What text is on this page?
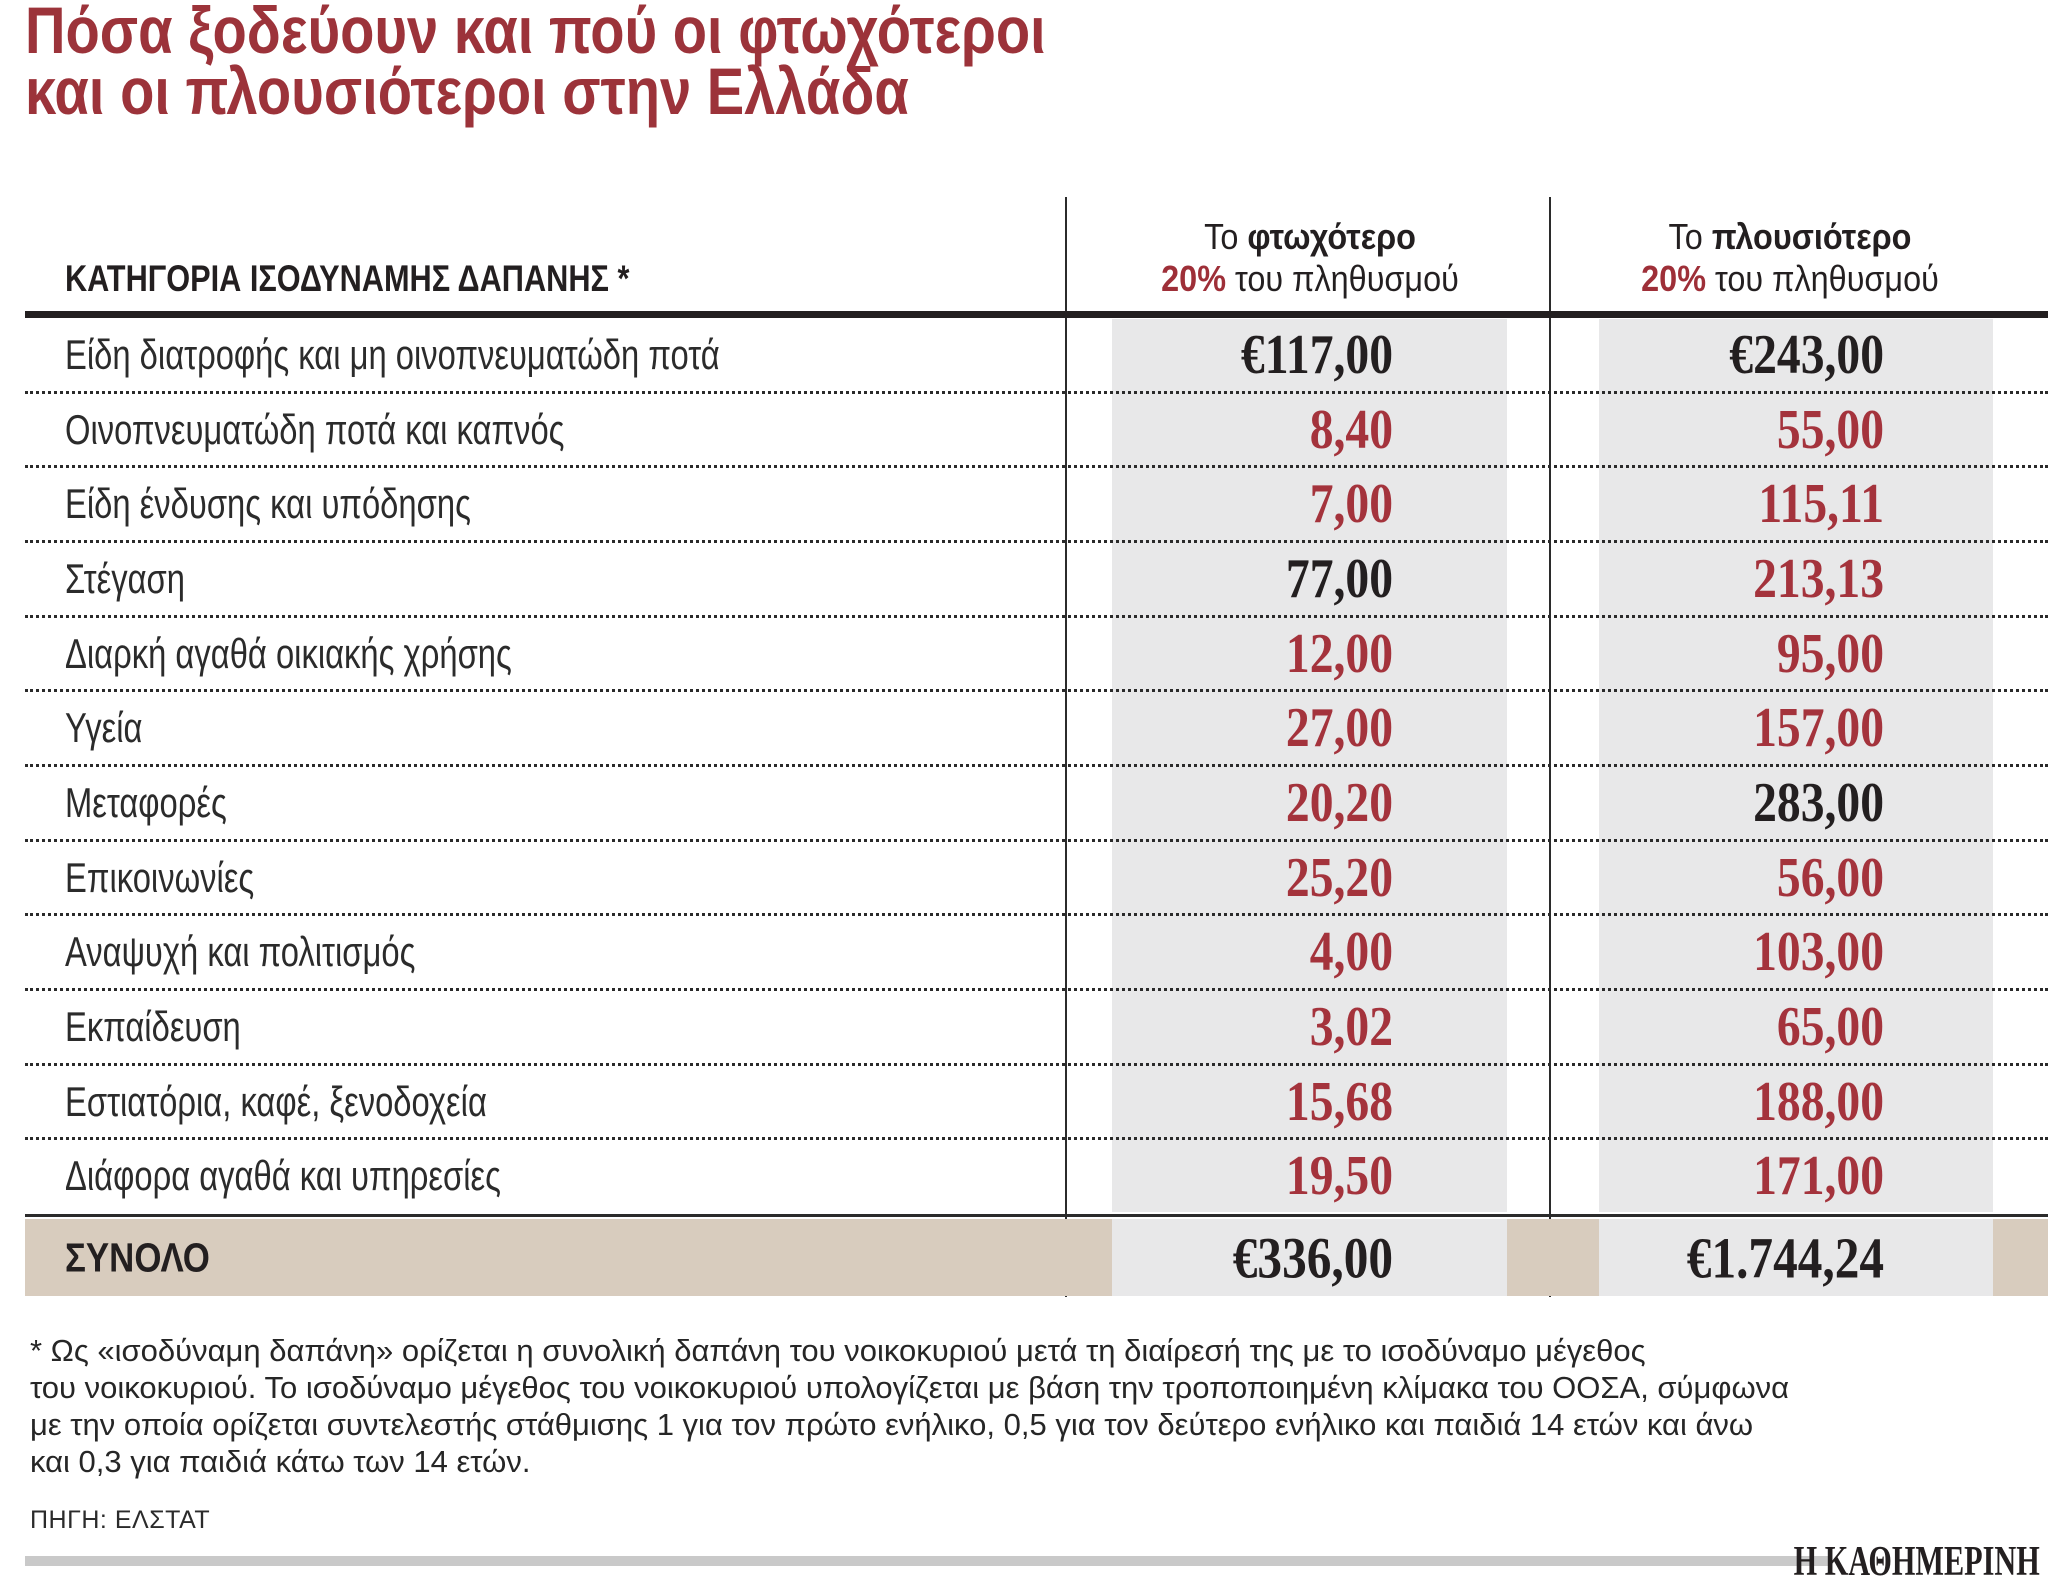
Πόσα ξοδεύουν και πού οι φτωχότεροι
και οι πλουσιότεροι στην Ελλάδα
ΚΑΤΗΓΟΡΙΑ ΙΣΟΔΥΝΑΜΗΣ ΔΑΠΑΝΗΣ *
Το φτωχότερο
20% του πληθυσμού
Το πλουσιότερο
20% του πληθυσμού
Είδη διατροφής και μη οινοπνευματώδη ποτά	€117,00	€243,00
Οινοπνευματώδη ποτά και καπνός	8,40	55,00
Είδη ένδυσης και υπόδησης	7,00	115,11
Στέγαση	77,00	213,13
Διαρκή αγαθά οικιακής χρήσης	12,00	95,00
Υγεία	27,00	157,00
Μεταφορές	20,20	283,00
Επικοινωνίες	25,20	56,00
Αναψυχή και πολιτισμός	4,00	103,00
Εκπαίδευση	3,02	65,00
Εστιατόρια, καφέ, ξενοδοχεία	15,68	188,00
Διάφορα αγαθά και υπηρεσίες	19,50	171,00
ΣΥΝΟΛΟ	€336,00	€1.744,24
* Ως «ισοδύναμη δαπάνη» ορίζεται η συνολική δαπάνη του νοικοκυριού μετά τη διαίρεσή της με το ισοδύναμο μέγεθος
του νοικοκυριού. Το ισοδύναμο μέγεθος του νοικοκυριού υπολογίζεται με βάση την τροποποιημένη κλίμακα του ΟΟΣΑ, σύμφωνα
με την οποία ορίζεται συντελεστής στάθμισης 1 για τον πρώτο ενήλικο, 0,5 για τον δεύτερο ενήλικο και παιδιά 14 ετών και άνω
και 0,3 για παιδιά κάτω των 14 ετών.
ΠΗΓΗ: ΕΛΣΤΑΤ
Η ΚΑΘΗΜΕΡΙΝΗ
